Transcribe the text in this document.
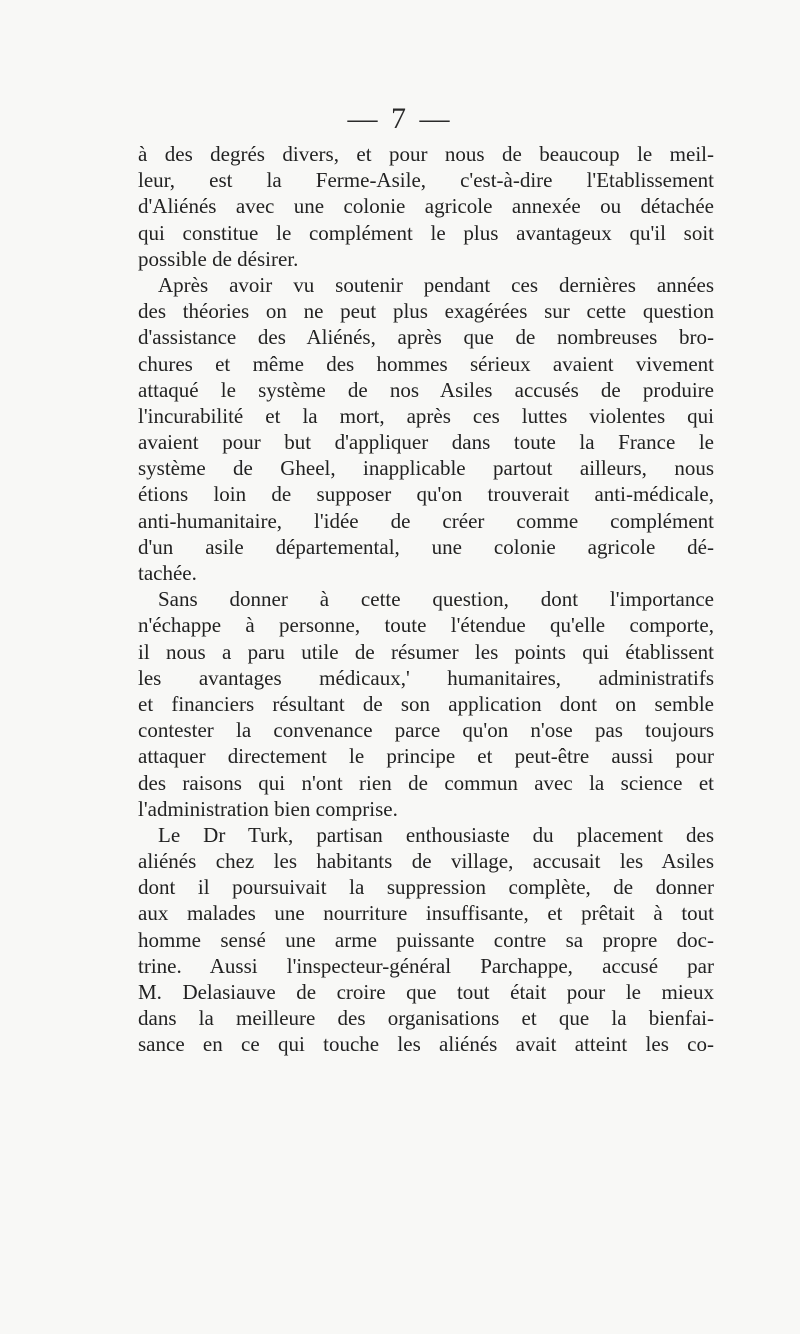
— 7 —
à des degrés divers, et pour nous de beaucoup le meil-
leur, est la Ferme-Asile, c'est-à-dire l'Etablissement
d'Aliénés avec une colonie agricole annexée ou détachée
qui constitue le complément le plus avantageux qu'il soit
possible de désirer.
Après avoir vu soutenir pendant ces dernières années
des théories on ne peut plus exagérées sur cette question
d'assistance des Aliénés, après que de nombreuses bro-
chures et même des hommes sérieux avaient vivement
attaqué le système de nos Asiles accusés de produire
l'incurabilité et la mort, après ces luttes violentes qui
avaient pour but d'appliquer dans toute la France le
système de Gheel, inapplicable partout ailleurs, nous
étions loin de supposer qu'on trouverait anti-médicale,
anti-humanitaire, l'idée de créer comme complément
d'un asile départemental, une colonie agricole dé-
tachée.
Sans donner à cette question, dont l'importance
n'échappe à personne, toute l'étendue qu'elle comporte,
il nous a paru utile de résumer les points qui établissent
les avantages médicaux,' humanitaires, administratifs
et financiers résultant de son application dont on semble
contester la convenance parce qu'on n'ose pas toujours
attaquer directement le principe et peut-être aussi pour
des raisons qui n'ont rien de commun avec la science et
l'administration bien comprise.
Le Dr Turk, partisan enthousiaste du placement des
aliénés chez les habitants de village, accusait les Asiles
dont il poursuivait la suppression complète, de donner
aux malades une nourriture insuffisante, et prêtait à tout
homme sensé une arme puissante contre sa propre doc-
trine. Aussi l'inspecteur-général Parchappe, accusé par
M. Delasiauve de croire que tout était pour le mieux
dans la meilleure des organisations et que la bienfai-
sance en ce qui touche les aliénés avait atteint les co-
